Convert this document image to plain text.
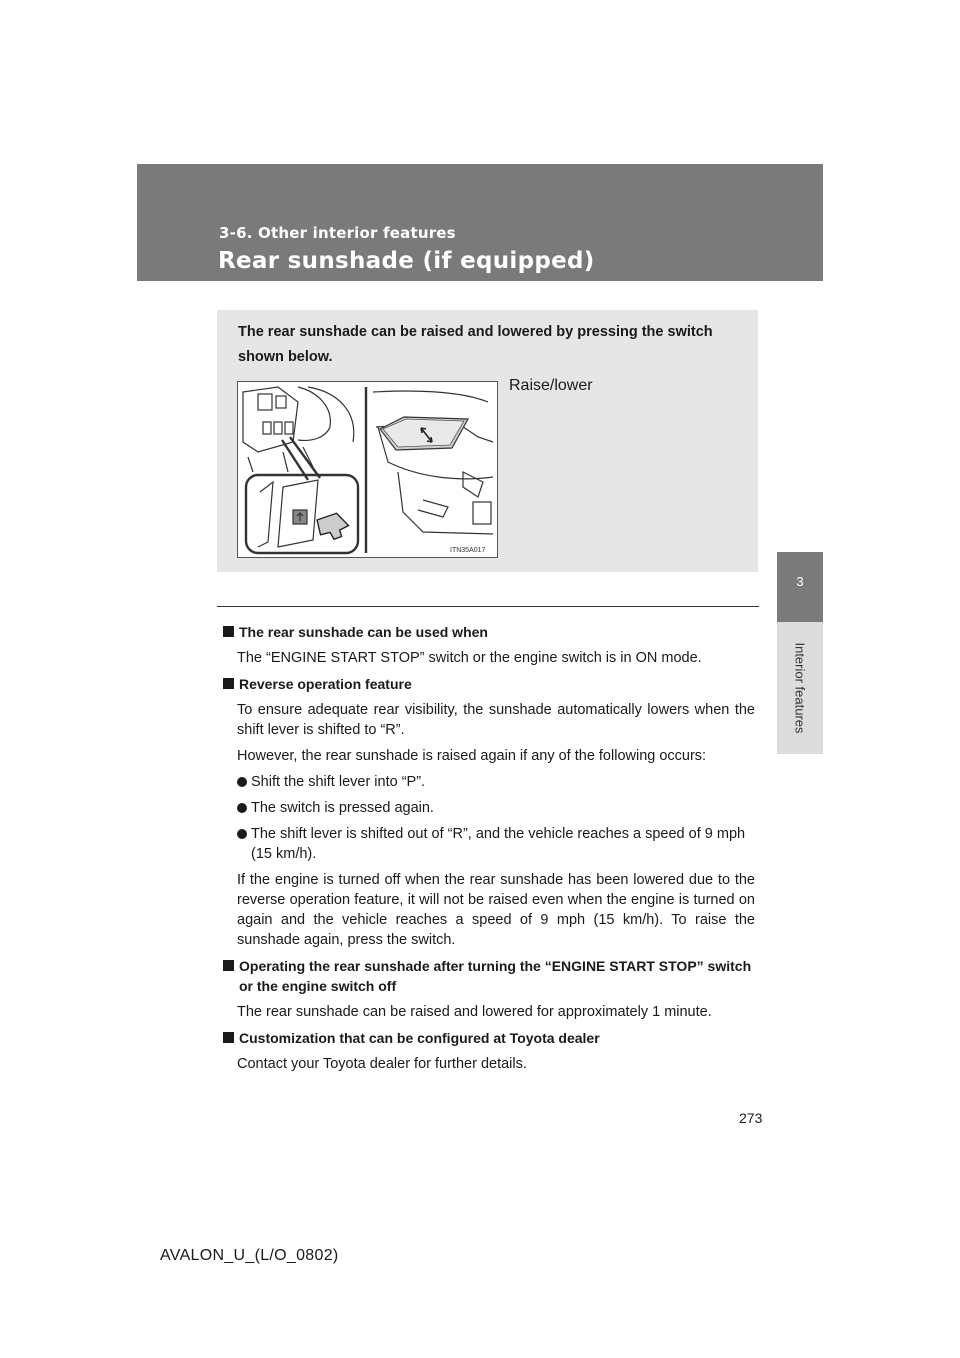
3-6. Other interior features
Rear sunshade (if equipped)
3
Interior features
The rear sunshade can be raised and lowered by pressing the switch shown below.
ITN35A017
Raise/lower

The rear sunshade can be used when

The “ENGINE START STOP” switch or the engine switch is in ON mode.

Reverse operation feature

To ensure adequate rear visibility, the sunshade automatically lowers when the shift lever is shifted to “R”.

However, the rear sunshade is raised again if any of the following occurs:

Shift the shift lever into “P”.
The switch is pressed again.
The shift lever is shifted out of “R”, and the vehicle reaches a speed of 9 mph (15 km/h).

If the engine is turned off when the rear sunshade has been lowered due to the reverse operation feature, it will not be raised even when the engine is turned on again and the vehicle reaches a speed of 9 mph (15 km/h). To raise the sunshade again, press the switch.

Operating the rear sunshade after turning the “ENGINE START STOP” switch or the engine switch off

The rear sunshade can be raised and lowered for approximately 1 minute.

Customization that can be configured at Toyota dealer

Contact your Toyota dealer for further details.

273
AVALON_U_(L/O_0802)
